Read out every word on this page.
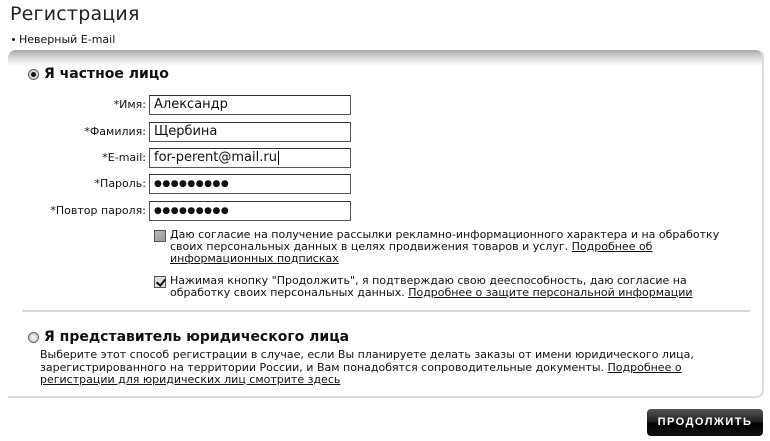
Регистрация
Неверный E-mail
Я частное лицо
*Имя: Александр
*Фамилия: Щербина
*E-mail: for-perent@mail.ru
*Пароль: ●●●●●●●●●
*Повтор пароля: ●●●●●●●●●
Даю согласие на получение рассылки рекламно-информационного характера и на обработку своих персональных данных в целях продвижения товаров и услуг. Подробнее об информационных подписках
Нажимая кнопку "Продолжить", я подтверждаю свою дееспособность, даю согласие на обработку своих персональных данных. Подробнее о защите персональной информации
Я представитель юридического лица
Выберите этот способ регистрации в случае, если Вы планируете делать заказы от имени юридического лица, зарегистрированного на территории России, и Вам понадобятся сопроводительные документы. Подробнее о регистрации для юридических лиц смотрите здесь
ПРОДОЛЖИТЬ
